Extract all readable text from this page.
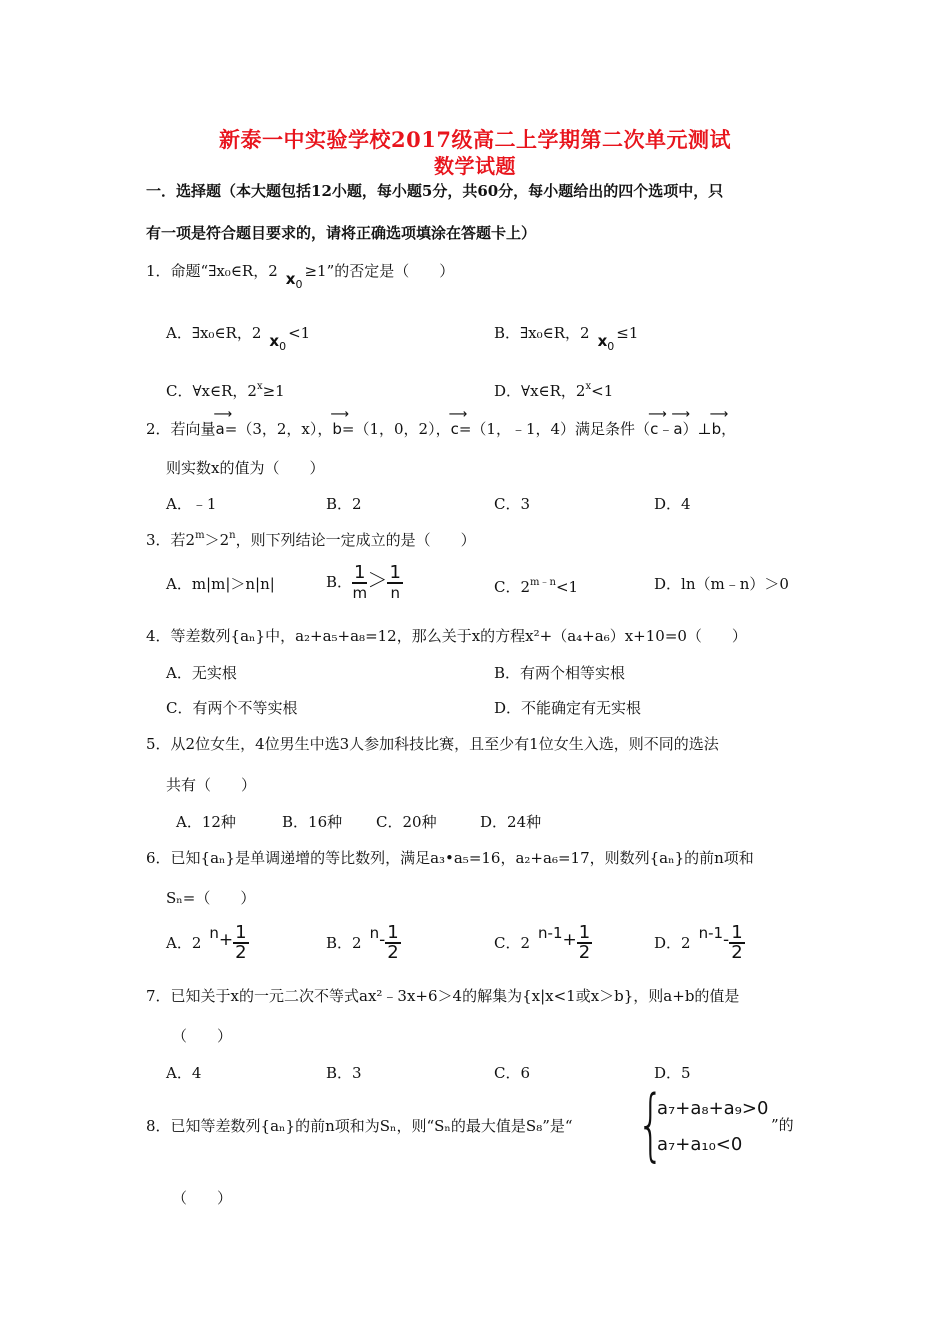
新泰一中实验学校2017级高二上学期第二次单元测试
数学试题
一．选择题（本大题包括12小题，每小题5分，共60分，每小题给出的四个选项中，只
有一项是符合题目要求的，请将正确选项填涂在答题卡上）
1．命题“∃x₀∈R，2 $x_0\ge 1$”的否定是（　　）
A．∃x₀∈R，2 $x_0<1$	B．∃x₀∈R，2 $x_0\le 1$
C．∀x∈R，$2^x\ge 1$	D．∀x∈R，$2^x<1$
2．若向量⟶ a=（3，2，x），⟶ b=（1，0，2），⟶ c=（1，﹣1，4）满足条件（⟶ c﹣⟶ a）⊥⟶ b，
则实数x的值为（　　）
A．﹣1	B．2	C．3	D．4
3．若$2^m>2^n$，则下列结论一定成立的是（　　）
A．m|m|＞n|n|	B． $\frac{1}{m} > \frac{1}{n}$	C．$2^{m﹣n}<1$	D．ln（m﹣n）＞0
4．等差数列{aₙ}中，a₂+a₅+a₈=12，那么关于x的方程x²+（a₄+a₆）x+10=0（　　）
A．无实根	B．有两个相等实根
C．有两个不等实根	D．不能确定有无实根
5．从2位女生，4位男生中选3人参加科技比赛，且至少有1位女生入选，则不同的选法
共有（　　）
A．12种	B．16种 C．20种	D．24种
6．已知{aₙ}是单调递增的等比数列，满足a₃•a₅=16，a₂+a₆=17，则数列{aₙ}的前n项和
Sₙ=（　　）
A．$2n+ \frac{1}{2}$	B．$2n- \frac{1}{2}$	C．$2n-1+ \frac{1}{2}$	D．$2n-1- \frac{1}{2}$
7．已知关于x的一元二次不等式ax²﹣3x+6＞4的解集为{x|x<1或x＞b}，则a+b的值是
（　　）
A．4	B．3	C．6	D．5
8．已知等差数列{aₙ}的前n项和为Sₙ，则“Sₙ的最大值是S₈”是“ {
a₇+a₈+a₉>0
a₇+a₁₀<0
”的
（　　）
